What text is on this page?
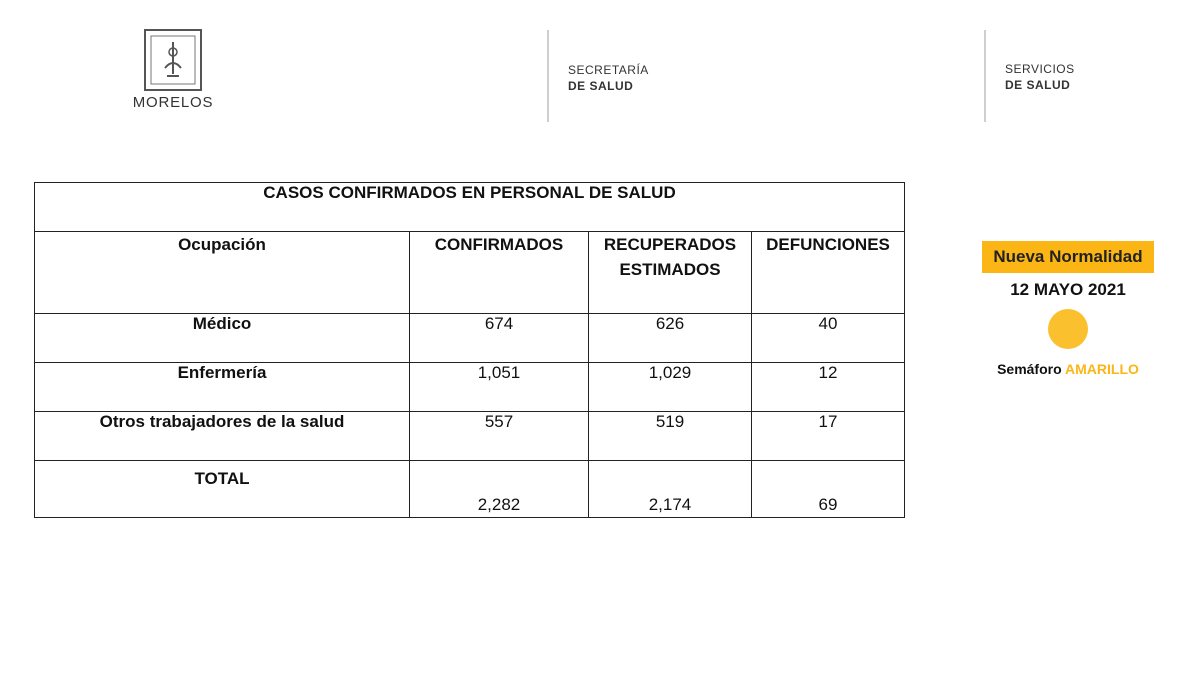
MORELOS
SECRETARÍA
DE SALUD
SERVICIOS
DE SALUD
CASOS CONFIRMADOS EN PERSONAL DE SALUD			
Ocupación	CONFIRMADOS	RECUPERADOS ESTIMADOS	DEFUNCIONES
Médico	674	626	40
Enfermería	1,051	1,029	12
Otros trabajadores de la salud	557	519	17
TOTAL	2,282	2,174	69
Nueva Normalidad
12 MAYO 2021
Semáforo AMARILLO
